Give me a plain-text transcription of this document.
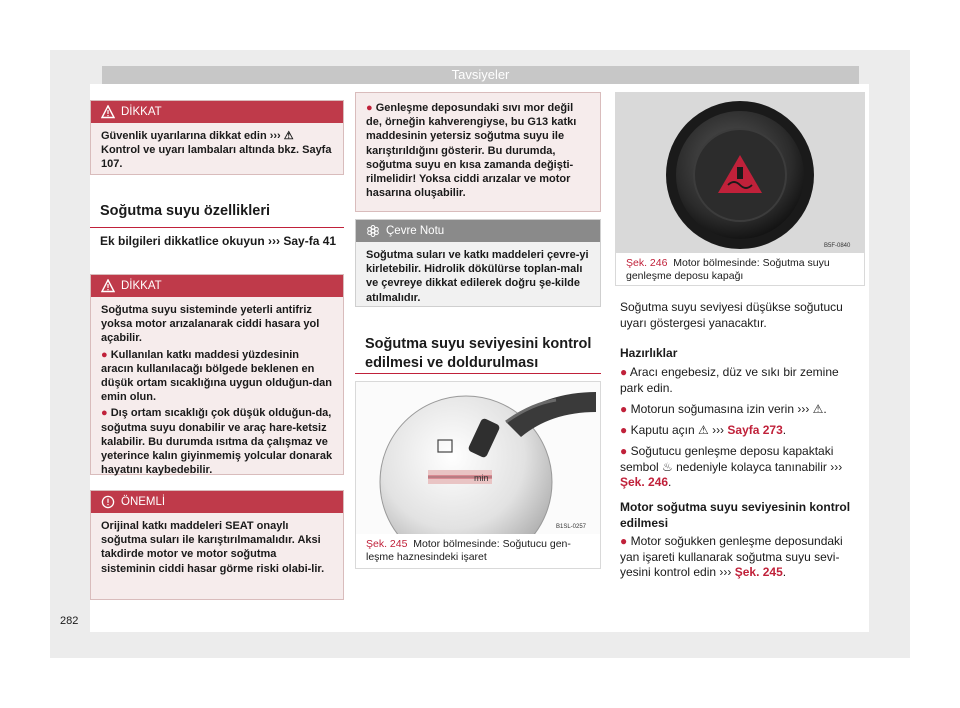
Tavsiyeler
DİKKAT

Güvenlik uyarılarına dikkat edin ››› ⚠ Kontrol ve uyarı lambaları altında bkz. Sayfa 107.

Soğutma suyu özellikleri
Ek bilgileri dikkatlice okuyun ››› Say-fa 41
DİKKAT

Soğutma suyu sisteminde yeterli antifriz yoksa motor arızalanarak ciddi hasara yol açabilir.

● Kullanılan katkı maddesi yüzdesinin aracın kullanılacağı bölgede beklenen en düşük ortam sıcaklığına uygun olduğun-dan emin olun.

● Dış ortam sıcaklığı çok düşük olduğun-da, soğutma suyu donabilir ve araç hare-ketsiz kalabilir. Bu durumda ısıtma da çalışmaz ve yeterince kalın giyinmemiş yolcular donarak hayatını kaybedebilir.

ÖNEMLİ

Orijinal katkı maddeleri SEAT onaylı soğutma suları ile karıştırılmamalıdır. Aksi takdirde motor ve motor soğutma sisteminin ciddi hasar görme riski olabi-lir.

● Genleşme deposundaki sıvı mor değil de, örneğin kahverengiyse, bu G13 katkı maddesinin yetersiz soğutma suyu ile karıştırıldığını gösterir. Bu durumda, soğutma suyu en kısa zamanda değişti-rilmelidir! Yoksa ciddi arızalar ve motor hasarına oluşabilir.

Çevre Notu

Soğutma suları ve katkı maddeleri çevre-yi kirletebilir. Hidrolik dökülürse toplan-malı ve çevreye dikkat edilerek doğru şe-kilde atılmalıdır.

Soğutma suyu seviyesini kontrol edilmesi ve doldurulması
min
B1SL-0257
Şek. 245 Motor bölmesinde: Soğutucu gen-leşme haznesindeki işaret
B5F-0840
Şek. 246 Motor bölmesinde: Soğutma suyu genleşme deposu kapağı
Soğutma suyu seviyesi düşükse soğutucu uyarı göstergesi yanacaktır.
Hazırlıklar
● Aracı engebesiz, düz ve sıkı bir zemine park edin.
● Motorun soğumasına izin verin ››› ⚠.
● Kaputu açın ⚠ ››› Sayfa 273.
● Soğutucu genleşme deposu kapaktaki sembol ♨ nedeniyle kolayca tanınabilir ››› Şek. 246.
Motor soğutma suyu seviyesinin kontrol edilmesi
● Motor soğukken genleşme deposundaki yan işareti kullanarak soğutma suyu sevi-yesini kontrol edin ››› Şek. 245.
282
